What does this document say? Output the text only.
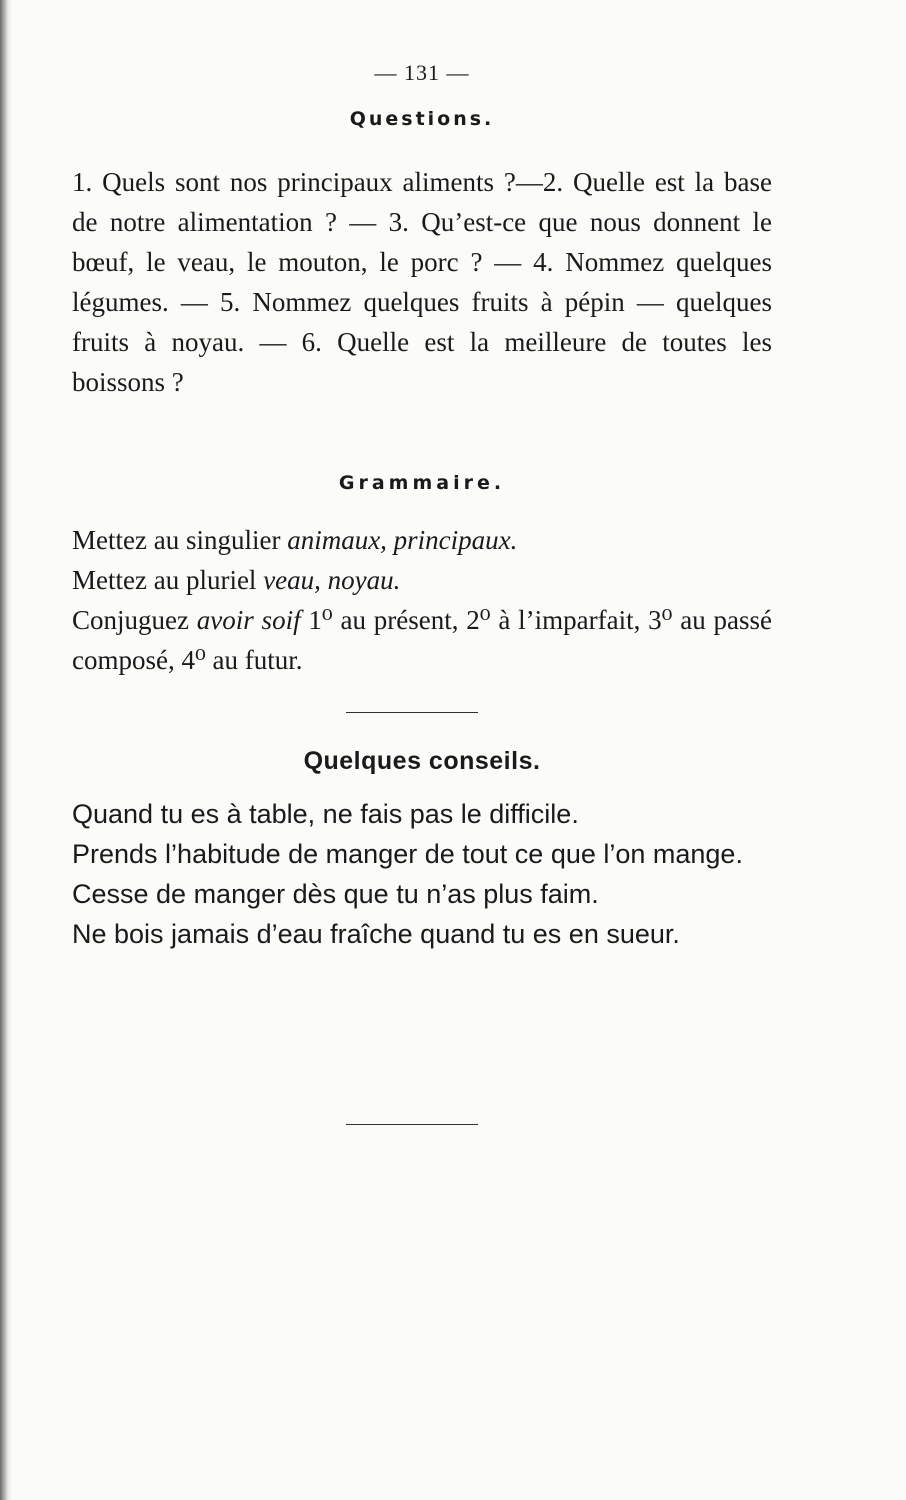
— 131 —
Questions.

1. Quels sont nos principaux aliments ?—2. Quelle est la base de notre alimentation ? — 3. Qu’est-ce que nous donnent le bœuf, le veau, le mouton, le porc ? — 4. Nommez quelques légumes. — 5. Nommez quelques fruits à pépin — quelques fruits à noyau. — 6. Quelle est la meilleure de toutes les boissons ?

Grammaire.

Mettez au singulier animaux, principaux.

Mettez au pluriel veau, noyau.

Conjuguez avoir soif 1⁰ au présent, 2⁰ à l’imparfait, 3⁰ au passé composé, 4⁰ au futur.

Quelques conseils.

Quand tu es à table, ne fais pas le difficile.

Prends l’habitude de manger de tout ce que l’on mange.

Cesse de manger dès que tu n’as plus faim.

Ne bois jamais d’eau fraîche quand tu es en sueur.
